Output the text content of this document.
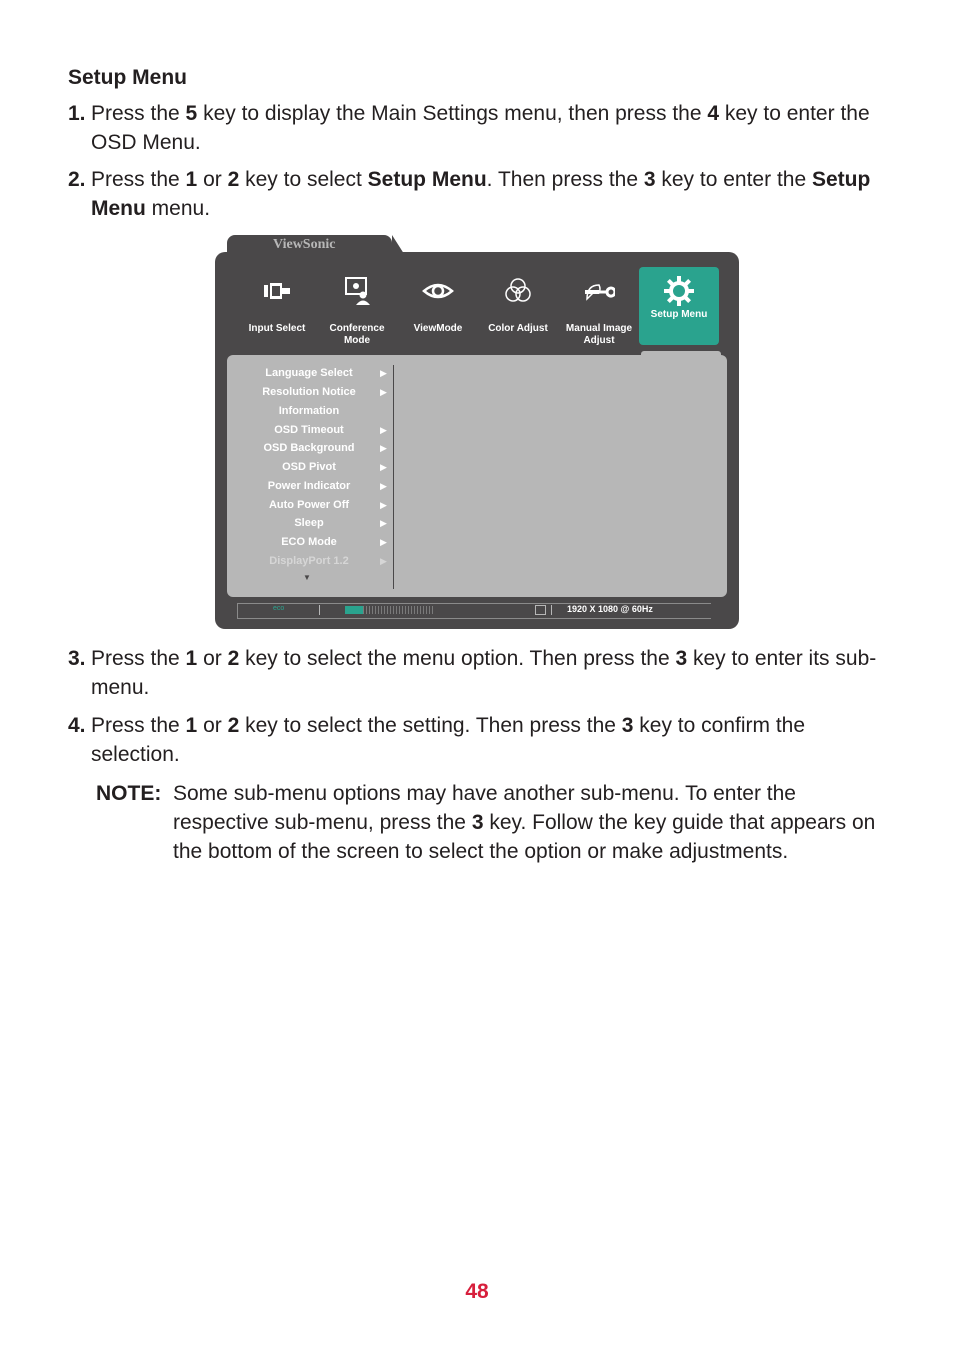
Setup Menu
1. Press the 5 key to display the Main Settings menu, then press the 4 key to enter the OSD Menu.
2. Press the 1 or 2 key to select Setup Menu. Then press the 3 key to enter the Setup Menu menu.
ViewSonic
Input Select	Conference Mode
ViewMode	Color Adjust	Manual Image Adjust
Setup Menu
Language Select	▶
Resolution Notice	▶
Information
OSD Timeout	▶
OSD Background	▶
OSD Pivot	▶
Power Indicator	▶
Auto Power Off	▶
Sleep	▶
ECO Mode	▶
DisplayPort 1.2	▶
▼
eco	1920 X 1080 @ 60Hz
3. Press the 1 or 2 key to select the menu option. Then press the 3 key to enter its sub-menu.
4. Press the 1 or 2 key to select the setting. Then press the 3 key to confirm the selection.
NOTE: Some sub-menu options may have another sub-menu. To enter the respective sub-menu, press the 3 key. Follow the key guide that appears on the bottom of the screen to select the option or make adjustments.
48
